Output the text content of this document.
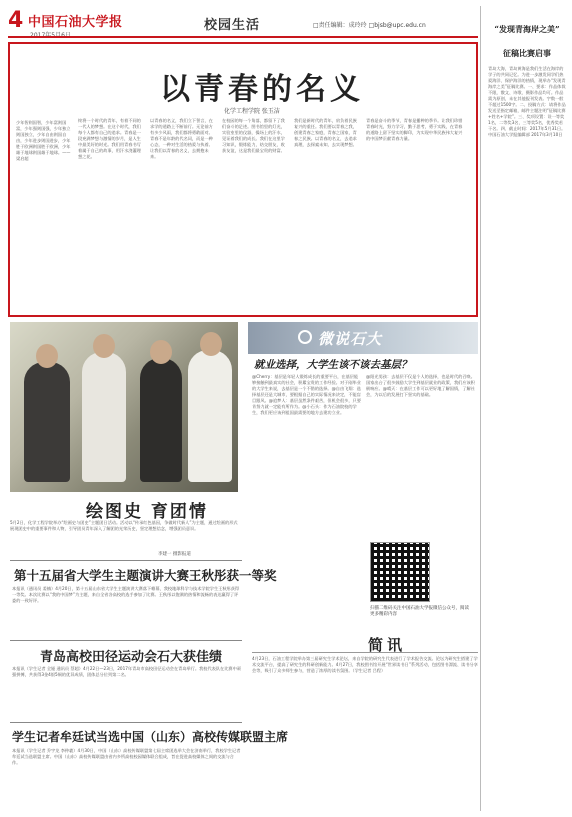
4 中国石油大学报	校园生活	□责任编辑：成玲玲 □bjsb@upc.edu.cn
以青春的名义
化学工程学院 张玉洁
少年智则国智，少年富则国富，少年强则国强，少年独立则国独立，少年自由则国自由，少年进步则国进步，少年胜于欧洲则国胜于欧洲，少年雄于地球则国雄于地球。——梁启超
终将一个时代的青年，有着不同的一代人的梦想。在这个时代，我们每个人都有自己的追求。青春是一段充满梦想与激情的岁月，是人生中最美好的时光。我们用青春书写着属于自己的故事，用汗水浇灌理想之花。
以青春的名义，我们立下誓言，在求学的道路上不断前行。无论前方有多少风雨，我们都将勇敢面对。青春不是年龄的代名词，而是一种心态，一种对生活的热爱与执着。让我们以青春的名义，去拥抱未来。
在校园的每一个角落，都留下了我们奋斗的足迹。图书馆里的灯光，实验室里的仪器，操场上的汗水，见证着我们的成长。我们在这里学习知识，锻炼能力，结交朋友，收获友谊，这是我们最宝贵的财富。
我们是新时代的青年，肩负着民族复兴的重任。我们要以青春之我，创建青春之家庭，青春之国家，青春之民族。以青春的名义，去追求真理，去探索未知，去实现梦想。
青春是奋斗的季节，青春是播种的季节。让我们珍惜青春时光，努力学习，勤于思考，勇于实践，在青春的道路上留下坚实的脚印，为实现中华民族伟大复兴的中国梦贡献青春力量。
绘图史 育团情
5月2日，化学工程学院举办“绘画史与团史”主题团日活动。活动以“传承红色基因，争做时代新人”为主题，通过绘画的形式展现团史中的重要事件和人物，引导团员青年深入了解团的光荣历史，坚定理想信念，增强团员意识。
李建一 摄影报道
微说石大
就业选择，大学生该不该去基层？
@Cherry：基层是年轻人锻炼成长的重要平台，在基层能够接触到最真实的社会，积累宝贵的工作经验。对于刚毕业的大学生来说，去基层是一个不错的选择。@自由飞翔：选择基层还是大城市，要根据自己的实际情况来决定，不能盲目跟风。@追梦人：基层虽然条件艰苦，但机会很多，只要肯努力就一定能有所作为。@小石头：作为石油院校的学生，我们更应该到祖国最需要的地方去建功立业。
@阳光男孩：去基层不仅是个人的选择，也是时代的召唤。国家出台了很多鼓励大学生到基层就业的政策，我们应该积极响应。@晴天：在基层工作可以更好地了解国情，了解社会，为以后的发展打下坚实的基础。
扫描二维码关注中国石油大学报微信公众号，阅读更多精彩内容
简讯
4月23日，石油工程学院举办第三届研究生学术论坛，来自学院的研究生代表进行了学术报告交流。论坛为研究生搭建了学术交流平台，提高了研究生的科研创新能力。4月27日，我校图书馆开展“世界读书日”系列活动，包括图书漂流、读书分享会等，吸引了众多师生参与，营造了浓厚的读书氛围。（学生记者 吕程）
第十五届省大学生主题演讲大赛王秋彤获一等奖
本报讯（通讯员 姜楠）4月20日，第十五届山东省大学生主题演讲大赛落下帷幕，我校地球科学与技术学院学生王秋彤获得一等奖。本次比赛以“我的中国梦”为主题，来自全省各高校的选手参加了比赛。王秋彤以饱满的热情和流畅的表达赢得了评委的一致好评。
青岛高校田径运动会石大获佳绩
本报讯（学生记者 全娅 通讯员 蔡超）4月22日—23日，2017年青岛市高校田径运动会在青岛举行。我校代表队在比赛中顽强拼搏，共获得3金4银5铜的优异成绩，团体总分位列第二名。
学生记者牟廷试当选中国（山东）高校传媒联盟主席
本报讯（学生记者 乔宇龙 李仲羲）4月30日，中国（山东）高校传媒联盟第七届主席团选举大会在济南举行，我校学生记者牟廷试当选联盟主席。中国（山东）高校传媒联盟由省内多所高校校园媒体联合组成，旨在促进高校媒体之间的交流与合作。
“发现青海岸之美”
征稿比赛启事
青岛大海，青岛黄海是我们生活在海岸的学子的共同记忆。为进一步激发同学们热爱海洋、保护海洋的热情，现举办“发现青海岸之美”征稿比赛。一、要求：作品体裁不限，散文、诗歌、摄影作品均可。作品需为原创，未在其他报刊发表。字数一般不超过1500字。二、投稿方式：请将作品发送至指定邮箱，邮件主题注明“征稿比赛+姓名+学院”。三、奖项设置：设一等奖1名，二等奖3名，三等奖5名，优秀奖若干名。四、截止时间：2017年5月31日。中国石油大学报编辑部 2017年3月10日
